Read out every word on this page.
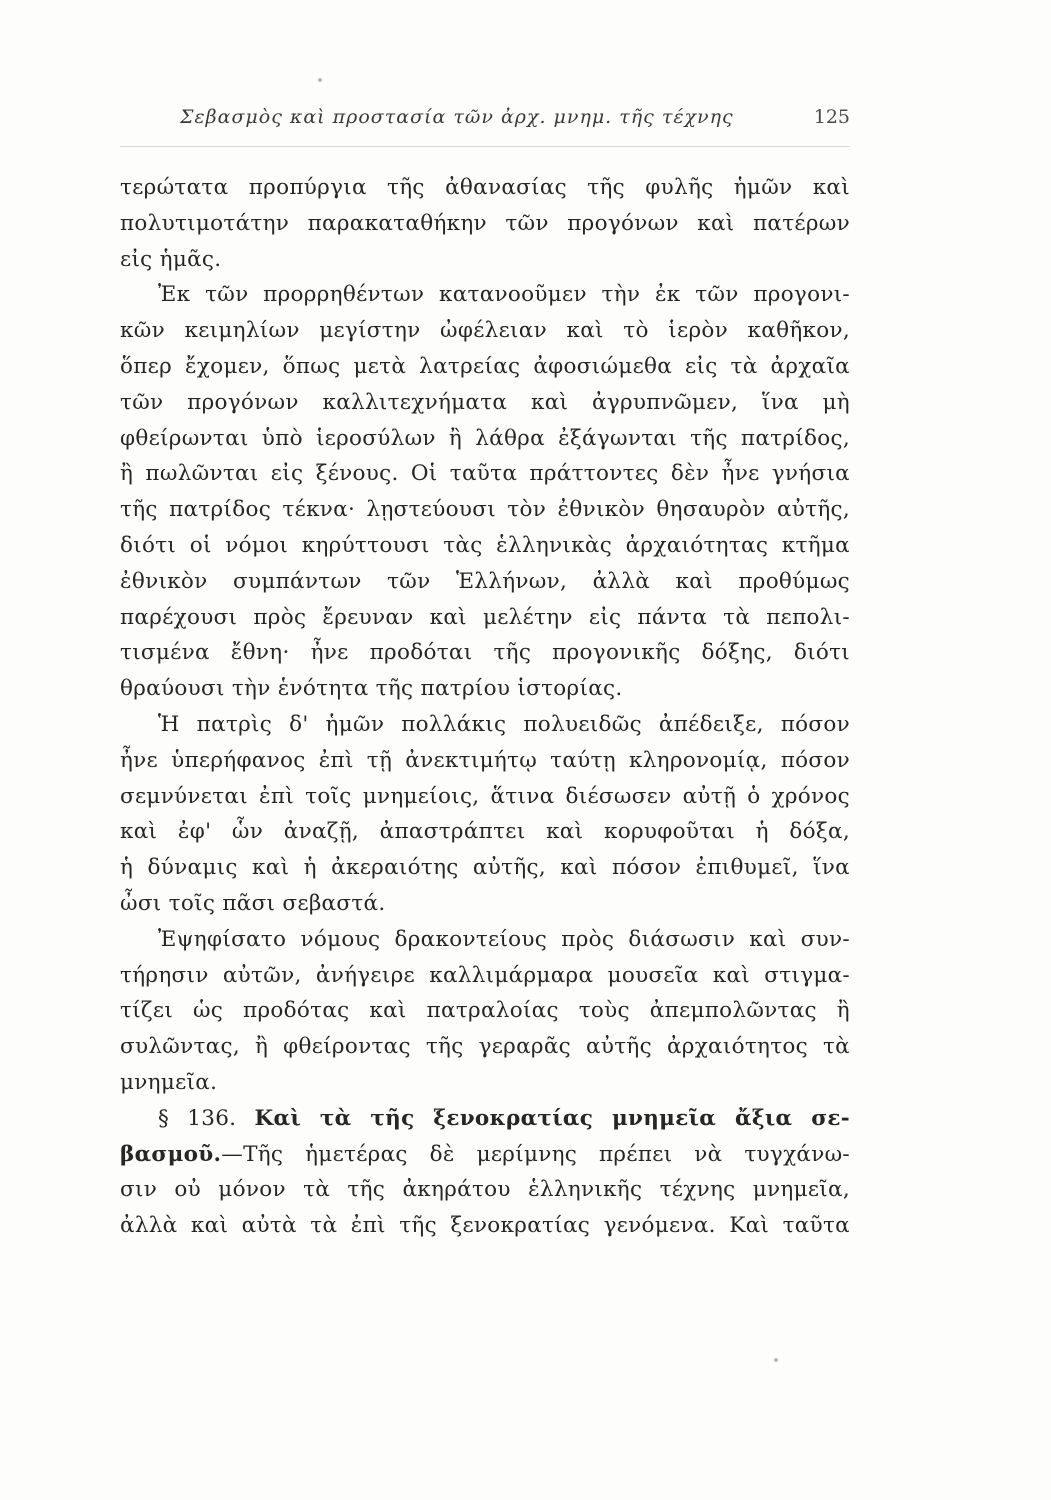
Σεβασμὸς καὶ προστασία τῶν ἀρχ. μνημ. τῆς τέχνης	125
τερώτατα προπύργια τῆς ἀθανασίας τῆς φυλῆς ἡμῶν καὶ
πολυτιμοτάτην παρακαταθήκην τῶν προγόνων καὶ πατέρων
εἰς ἡμᾶς.
Ἐκ τῶν προρρηθέντων κατανοοῦμεν τὴν ἐκ τῶν προγονι-
κῶν κειμηλίων μεγίστην ὠφέλειαν καὶ τὸ ἱερὸν καθῆκον,
ὅπερ ἔχομεν, ὅπως μετὰ λατρείας ἀφοσιώμεθα εἰς τὰ ἀρχαῖα
τῶν προγόνων καλλιτεχνήματα καὶ ἀγρυπνῶμεν, ἵνα μὴ
φθείρωνται ὑπὸ ἱεροσύλων ἢ λάθρα ἐξάγωνται τῆς πατρίδος,
ἢ πωλῶνται εἰς ξένους. Οἱ ταῦτα πράττοντες δὲν ἦνε γνήσια
τῆς πατρίδος τέκνα· λῃστεύουσι τὸν ἐθνικὸν θησαυρὸν αὐτῆς,
διότι οἱ νόμοι κηρύττουσι τὰς ἑλληνικὰς ἀρχαιότητας κτῆμα
ἐθνικὸν συμπάντων τῶν Ἑλλήνων, ἀλλὰ καὶ προθύμως
παρέχουσι πρὸς ἔρευναν καὶ μελέτην εἰς πάντα τὰ πεπολι-
τισμένα ἔθνη· ἦνε προδόται τῆς προγονικῆς δόξης, διότι
θραύουσι τὴν ἑνότητα τῆς πατρίου ἱστορίας.
Ἡ πατρὶς δ' ἡμῶν πολλάκις πολυειδῶς ἀπέδειξε, πόσον
ἦνε ὑπερήφανος ἐπὶ τῇ ἀνεκτιμήτῳ ταύτῃ κληρονομίᾳ, πόσον
σεμνύνεται ἐπὶ τοῖς μνημείοις, ἅτινα διέσωσεν αὐτῇ ὁ χρόνος
καὶ ἐφ' ὧν ἀναζῇ, ἀπαστράπτει καὶ κορυφοῦται ἡ δόξα,
ἡ δύναμις καὶ ἡ ἀκεραιότης αὐτῆς, καὶ πόσον ἐπιθυμεῖ, ἵνα
ὦσι τοῖς πᾶσι σεβαστά.
Ἐψηφίσατο νόμους δρακοντείους πρὸς διάσωσιν καὶ συν-
τήρησιν αὐτῶν, ἀνήγειρε καλλιμάρμαρα μουσεῖα καὶ στιγμα-
τίζει ὡς προδότας καὶ πατραλοίας τοὺς ἀπεμπολῶντας ἢ
συλῶντας, ἢ φθείροντας τῆς γεραρᾶς αὐτῆς ἀρχαιότητος τὰ
μνημεῖα.
§ 136. Καὶ τὰ τῆς ξενοκρατίας μνημεῖα ἄξια σε-
βασμοῦ.—Τῆς ἡμετέρας δὲ μερίμνης πρέπει νὰ τυγχάνω-
σιν οὐ μόνον τὰ τῆς ἀκηράτου ἑλληνικῆς τέχνης μνημεῖα,
ἀλλὰ καὶ αὐτὰ τὰ ἐπὶ τῆς ξενοκρατίας γενόμενα. Καὶ ταῦτα
